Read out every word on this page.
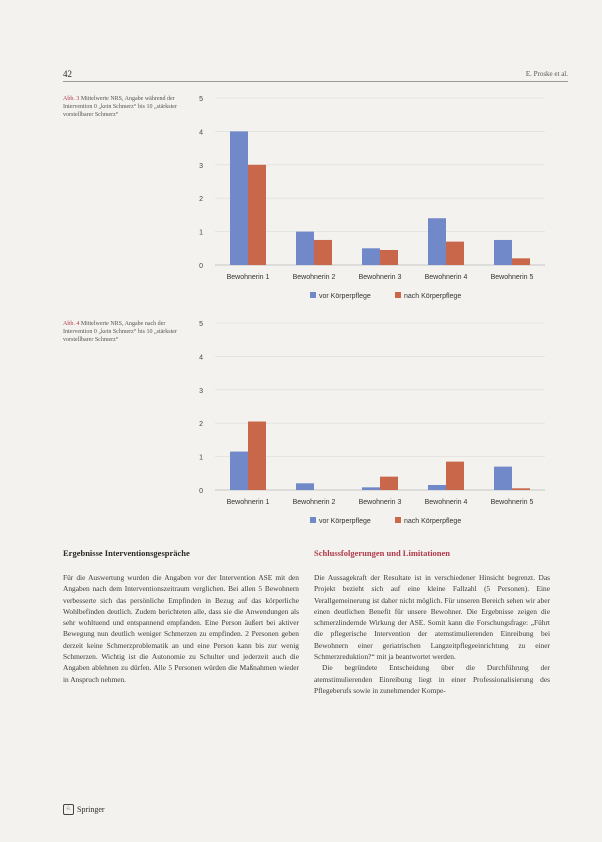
42	E. Proske et al.
Abb. 3 Mittelwerte NRS, Angabe während der Intervention 0 „kein Schmerz“ bis 10 „stärkster vorstellbarer Schmerz“
0
1
2
3
4
5
Bewohnerin 1	Bewohnerin 2	Bewohnerin 3	Bewohnerin 4	Bewohnerin 5
vor Körperpflege	nach Körperpflege
Abb. 4 Mittelwerte NRS, Angabe nach der Intervention 0 „kein Schmerz“ bis 10 „stärkster vorstellbarer Schmerz“
0
1
2
3
4
5
Bewohnerin 1	Bewohnerin 2	Bewohnerin 3	Bewohnerin 4	Bewohnerin 5
vor Körperpflege	nach Körperpflege
Ergebnisse Interventionsgespräche	Schlussfolgerungen und Limitationen

Für die Auswertung wurden die Angaben vor der Intervention ASE mit den Angaben nach dem Interventionszeitraum verglichen. Bei allen 5 Bewohnern verbesserte sich das persönliche Empfinden in Bezug auf das körperliche Wohlbefinden deutlich. Zudem berichteten alle, dass sie die Anwendungen als sehr wohltuend und entspannend empfanden. Eine Person äußert bei aktiver Bewegung nun deutlich weniger Schmerzen zu empfinden. 2 Personen geben derzeit keine Schmerzproblematik an und eine Person kann bis zur wenig Schmerzen. Wichtig ist die Autonomie zu Schulter und jederzeit auch die Angaben ablehnen zu dürfen. Alle 5 Personen würden die Maßnahmen wieder in Anspruch nehmen.

Die Aussagekraft der Resultate ist in verschiedener Hinsicht begrenzt. Das Projekt bezieht sich auf eine kleine Fallzahl (5 Personen). Eine Verallgemeinerung ist daher nicht möglich. Für unseren Bereich sehen wir aber einen deutlichen Benefit für unsere Bewohner. Die Ergebnisse zeigen die schmerzlindernde Wirkung der ASE. Somit kann die Forschungsfrage: „Führt die pflegerische Intervention der atemstimulierenden Einreibung bei Bewohnern einer geriatrischen Langzeitpflegeeinrichtung zu einer Schmerzreduktion?“ mit ja beantwortet werden.

Die begründete Entscheidung über die Durchführung der atemstimulierenden Einreibung liegt in einer Professionalisierung des Pflegeberufs sowie in zunehmender Kompe-

♘ Springer
